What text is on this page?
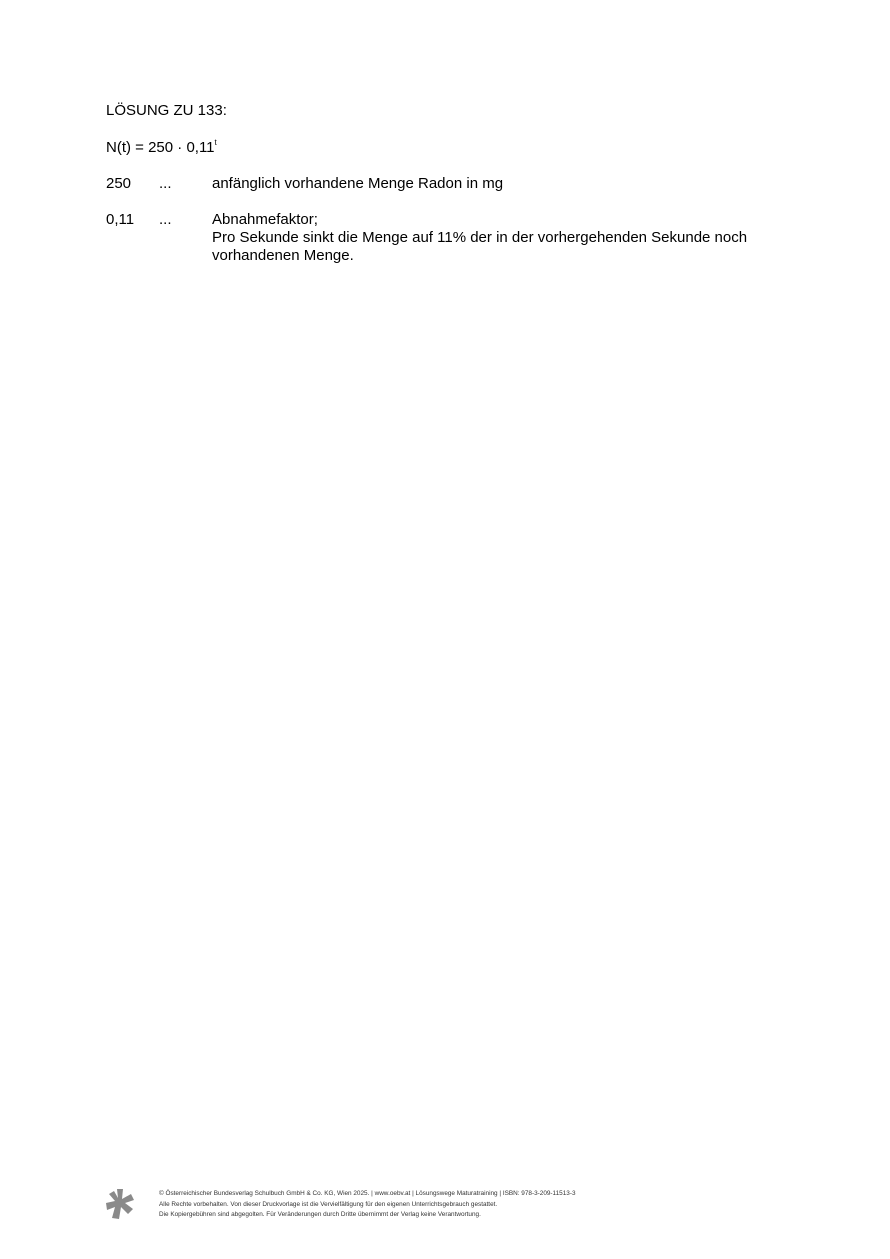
LÖSUNG ZU 133:
$N(t) = 250 \cdot 0,11^t$
250 ...	anfänglich vorhandene Menge Radon in mg
0,11 ...	Abnahmefaktor;
Pro Sekunde sinkt die Menge auf 11% der in der vorhergehenden Sekunde noch
vorhandenen Menge.
© Österreichischer Bundesverlag Schulbuch GmbH & Co. KG, Wien 2025. | www.oebv.at | Lösungswege Maturatraining | ISBN: 978-3-209-11513-3
Alle Rechte vorbehalten. Von dieser Druckvorlage ist die Vervielfältigung für den eigenen Unterrichtsgebrauch gestattet.
Die Kopiergebühren sind abgegolten. Für Veränderungen durch Dritte übernimmt der Verlag keine Verantwortung.
